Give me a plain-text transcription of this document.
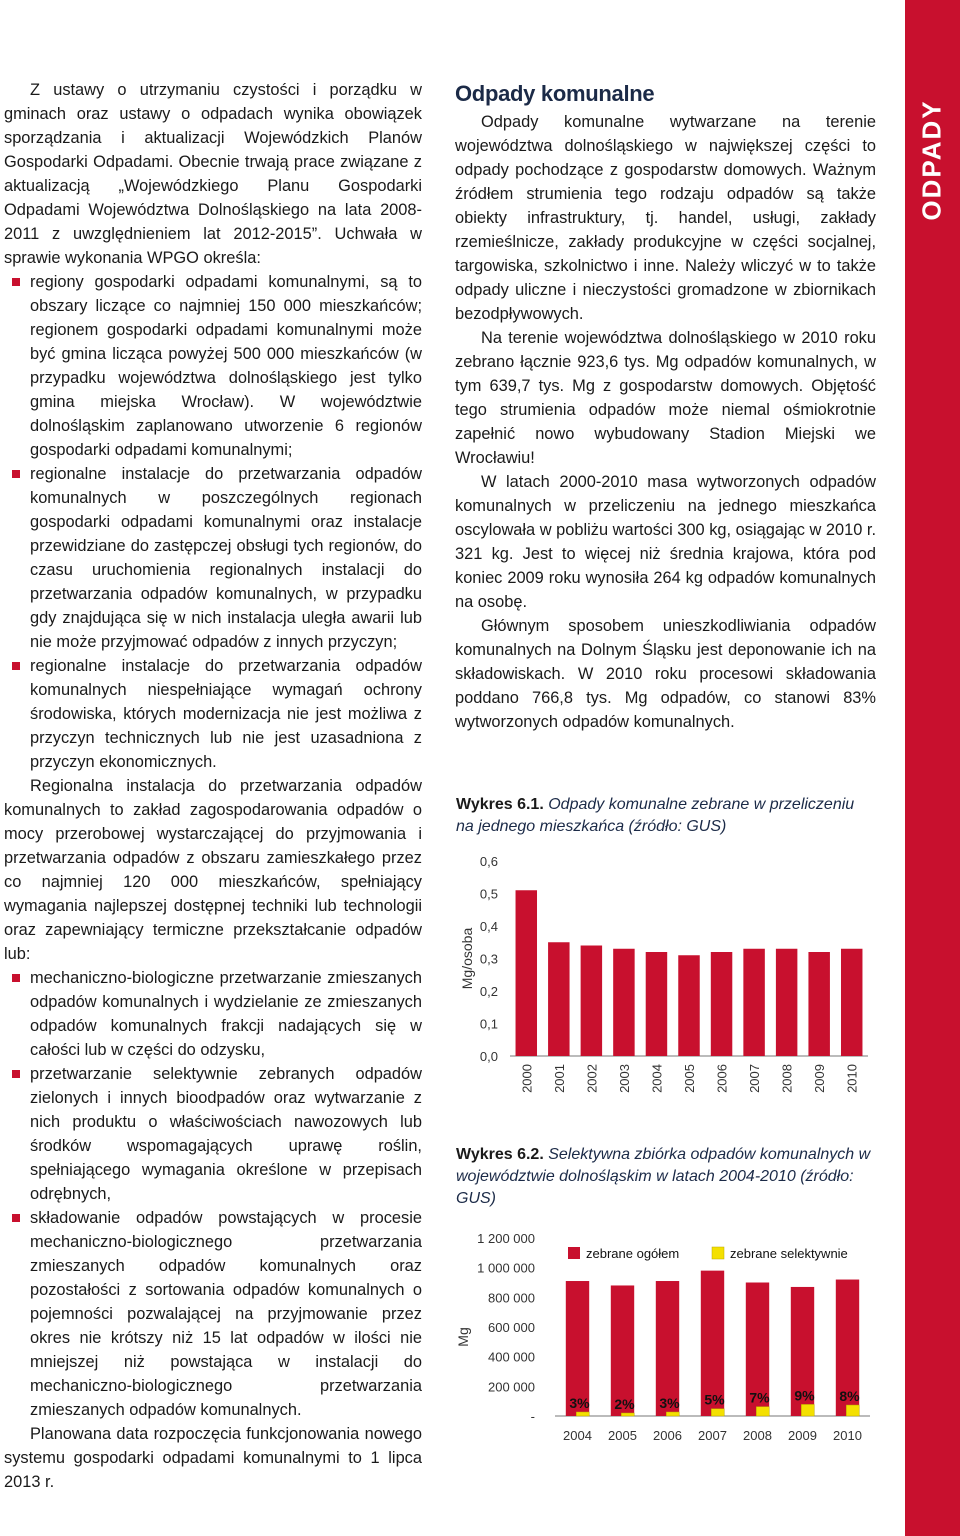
ODPADY

Z ustawy o utrzymaniu czystości i porządku w gminach oraz ustawy o odpadach wynika obowiązek sporządzania i aktualizacji Wojewódzkich Planów Gospodarki Odpadami. Obecnie trwają prace związane z aktualizacją „Wojewódzkiego Planu Gospodarki Odpadami Województwa Dolnośląskiego na lata 2008-2011 z uwzględnieniem lat 2012-2015”. Uchwała w sprawie wykonania WPGO określa:

regiony gospodarki odpadami komunalnymi, są to obszary liczące co najmniej 150 000 mieszkańców; regionem gospodarki odpadami komunalnymi może być gmina licząca powyżej 500 000 mieszkańców (w przypadku województwa dolnośląskiego jest tylko gmina miejska Wrocław). W województwie dolnośląskim zaplanowano utworzenie 6 regionów gospodarki odpadami komunalnymi;
regionalne instalacje do przetwarzania odpadów komunalnych w poszczególnych regionach gospodarki odpadami komunalnymi oraz instalacje przewidziane do zastępczej obsługi tych regionów, do czasu uruchomienia regionalnych instalacji do przetwarzania odpadów komunalnych, w przypadku gdy znajdująca się w nich instalacja uległa awarii lub nie może przyjmować odpadów z innych przyczyn;
regionalne instalacje do przetwarzania odpadów komunalnych niespełniające wymagań ochrony środowiska, których modernizacja nie jest możliwa z przyczyn technicznych lub nie jest uzasadniona z przyczyn ekonomicznych.

Regionalna instalacja do przetwarzania odpadów komunalnych to zakład zagospodarowania odpadów o mocy przerobowej wystarczającej do przyjmowania i przetwarzania odpadów z obszaru zamieszkałego przez co najmniej 120 000 mieszkańców, spełniający wymagania najlepszej dostępnej techniki lub technologii oraz zapewniający termiczne przekształcanie odpadów lub:

mechaniczno-biologiczne przetwarzanie zmieszanych odpadów komunalnych i wydzielanie ze zmieszanych odpadów komunalnych frakcji nadających się w całości lub w części do odzysku,
przetwarzanie selektywnie zebranych odpadów zielonych i innych bioodpadów oraz wytwarzanie z nich produktu o właściwościach nawozowych lub środków wspomagających uprawę roślin, spełniającego wymagania określone w przepisach odrębnych,
składowanie odpadów powstających w procesie mechaniczno-biologicznego przetwarzania zmieszanych odpadów komunalnych oraz pozostałości z sortowania odpadów komunalnych o pojemności pozwalającej na przyjmowanie przez okres nie krótszy niż 15 lat odpadów w ilości nie mniejszej niż powstająca w instalacji do mechaniczno-biologicznego przetwarzania zmieszanych odpadów komunalnych.

Planowana data rozpoczęcia funkcjonowania nowego systemu gospodarki odpadami komunalnymi to 1 lipca 2013 r.

Odpady komunalne

Odpady komunalne wytwarzane na terenie województwa dolnośląskiego w największej części to odpady pochodzące z gospodarstw domowych. Ważnym źródłem strumienia tego rodzaju odpadów są także obiekty infrastruktury, tj. handel, usługi, zakłady rzemieślnicze, zakłady produkcyjne w części socjalnej, targowiska, szkolnictwo i inne. Należy wliczyć w to także odpady uliczne i nieczystości gromadzone w zbiornikach bezodpływowych.

Na terenie województwa dolnośląskiego w 2010 roku zebrano łącznie 923,6 tys. Mg odpadów komunalnych, w tym 639,7 tys. Mg z gospodarstw domowych. Objętość tego strumienia odpadów może niemal ośmiokrotnie zapełnić nowo wybudowany Stadion Miejski we Wrocławiu!

W latach 2000-2010 masa wytworzonych odpadów komunalnych w przeliczeniu na jednego mieszkańca oscylowała w pobliżu wartości 300 kg, osiągając w 2010 r. 321 kg. Jest to więcej niż średnia krajowa, która pod koniec 2009 roku wynosiła 264 kg odpadów komunalnych na osobę.

Głównym sposobem unieszkodliwiania odpadów komunalnych na Dolnym Śląsku jest deponowanie ich na składowiskach. W 2010 roku procesowi składowania poddano 766,8 tys. Mg odpadów, co stanowi 83% wytworzonych odpadów komunalnych.

Wykres 6.1. Odpady komunalne zebrane w przeliczeniu na jednego mieszkańca (źródło: GUS)
0,0
0,1
0,2
0,3
0,4
0,5
0,6
Mg/osoba
2000 2001 2002 2003 2004 2005 2006 2007 2008 2009 2010
Wykres 6.2. Selektywna zbiórka odpadów komunalnych w województwie dolnośląskim w latach 2004-2010 (źródło: GUS)
-
200 000
400 000
600 000
800 000
1 000 000
1 200 000
Mg
3%
2004
2%
2005
3%
2006
5%
2007
7%
2008
9%
2009
8%
2010
zebrane ogółem	zebrane selektywnie
